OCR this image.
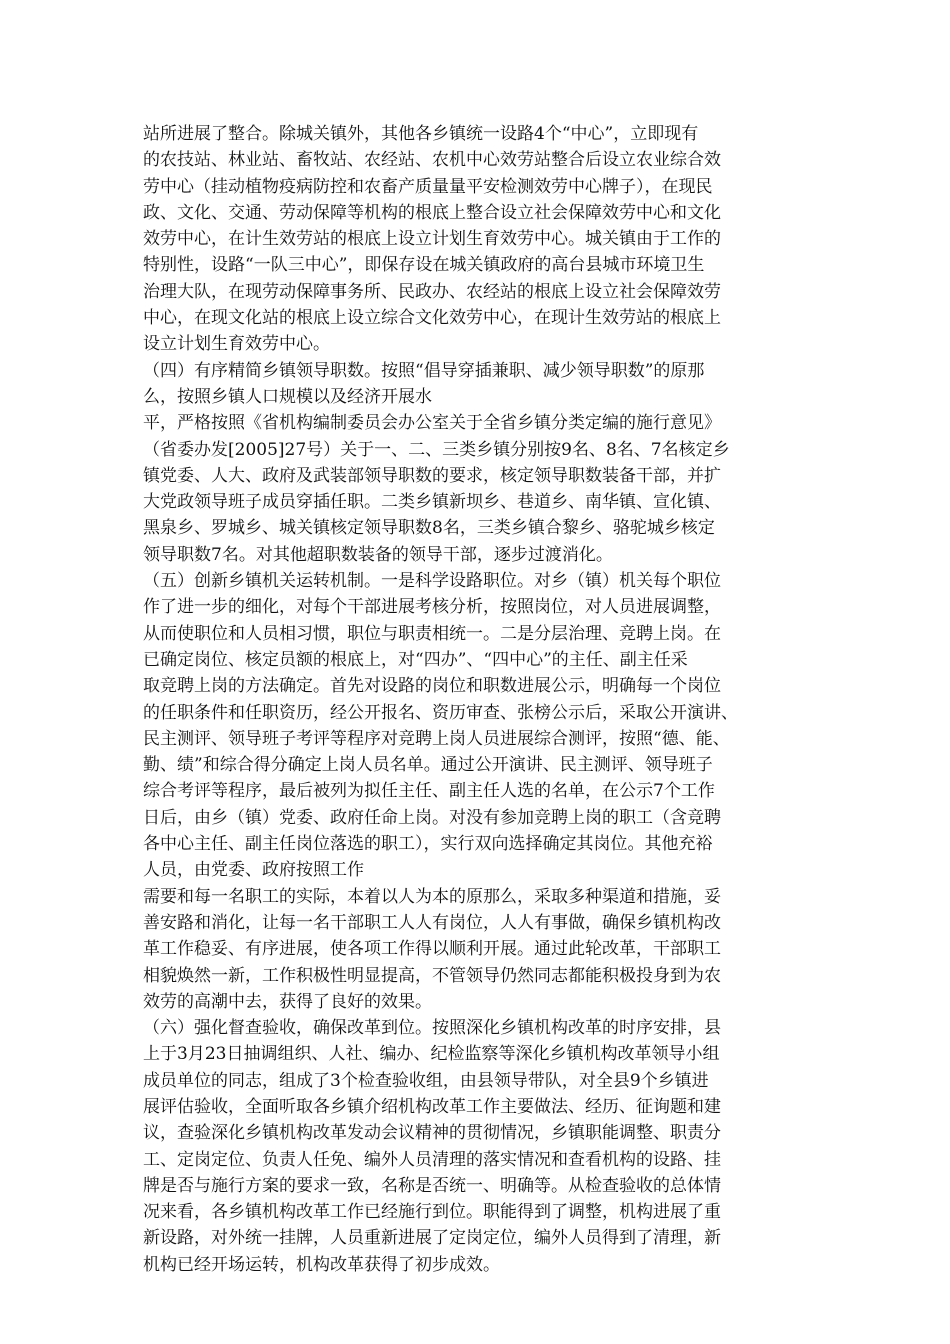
站所进展了整合。除城关镇外，其他各乡镇统一设路4个“中心”，立即现有
的农技站、林业站、畜牧站、农经站、农机中心效劳站整合后设立农业综合效
劳中心（挂动植物疫病防控和农畜产质量量平安检测效劳中心牌子），在现民
政、文化、交通、劳动保障等机构的根底上整合设立社会保障效劳中心和文化
效劳中心，在计生效劳站的根底上设立计划生育效劳中心。城关镇由于工作的
特别性，设路“一队三中心”，即保存设在城关镇政府的高台县城市环境卫生
治理大队，在现劳动保障事务所、民政办、农经站的根底上设立社会保障效劳
中心，在现文化站的根底上设立综合文化效劳中心，在现计生效劳站的根底上
设立计划生育效劳中心。
（四）有序精简乡镇领导职数。按照“倡导穿插兼职、减少领导职数”的原那
么，按照乡镇人口规模以及经济开展水
平，严格按照《省机构编制委员会办公室关于全省乡镇分类定编的施行意见》
（省委办发[2005]27号）关于一、二、三类乡镇分别按9名、8名、7名核定乡
镇党委、人大、政府及武装部领导职数的要求，核定领导职数装备干部，并扩
大党政领导班子成员穿插任职。二类乡镇新坝乡、巷道乡、南华镇、宣化镇、
黑泉乡、罗城乡、城关镇核定领导职数8名，三类乡镇合黎乡、骆驼城乡核定
领导职数7名。对其他超职数装备的领导干部，逐步过渡消化。
（五）创新乡镇机关运转机制。一是科学设路职位。对乡（镇）机关每个职位
作了进一步的细化，对每个干部进展考核分析，按照岗位，对人员进展调整，
从而使职位和人员相习惯，职位与职责相统一。二是分层治理、竞聘上岗。在
已确定岗位、核定员额的根底上，对“四办”、“四中心”的主任、副主任采
取竞聘上岗的方法确定。首先对设路的岗位和职数进展公示，明确每一个岗位
的任职条件和任职资历，经公开报名、资历审查、张榜公示后，采取公开演讲、
民主测评、领导班子考评等程序对竞聘上岗人员进展综合测评，按照“德、能、
勤、绩”和综合得分确定上岗人员名单。通过公开演讲、民主测评、领导班子
综合考评等程序，最后被列为拟任主任、副主任人选的名单，在公示7个工作
日后，由乡（镇）党委、政府任命上岗。对没有参加竞聘上岗的职工（含竞聘
各中心主任、副主任岗位落选的职工），实行双向选择确定其岗位。其他充裕
人员，由党委、政府按照工作
需要和每一名职工的实际，本着以人为本的原那么，采取多种渠道和措施，妥
善安路和消化，让每一名干部职工人人有岗位，人人有事做，确保乡镇机构改
革工作稳妥、有序进展，使各项工作得以顺利开展。通过此轮改革，干部职工
相貌焕然一新，工作积极性明显提高，不管领导仍然同志都能积极投身到为农
效劳的高潮中去，获得了良好的效果。
（六）强化督查验收，确保改革到位。按照深化乡镇机构改革的时序安排，县
上于3月23日抽调组织、人社、编办、纪检监察等深化乡镇机构改革领导小组
成员单位的同志，组成了3个检查验收组，由县领导带队，对全县9个乡镇进
展评估验收，全面听取各乡镇介绍机构改革工作主要做法、经历、征询题和建
议，查验深化乡镇机构改革发动会议精神的贯彻情况，乡镇职能调整、职责分
工、定岗定位、负责人任免、编外人员清理的落实情况和查看机构的设路、挂
牌是否与施行方案的要求一致，名称是否统一、明确等。从检查验收的总体情
况来看，各乡镇机构改革工作已经施行到位。职能得到了调整，机构进展了重
新设路，对外统一挂牌，人员重新进展了定岗定位，编外人员得到了清理，新
机构已经开场运转，机构改革获得了初步成效。
